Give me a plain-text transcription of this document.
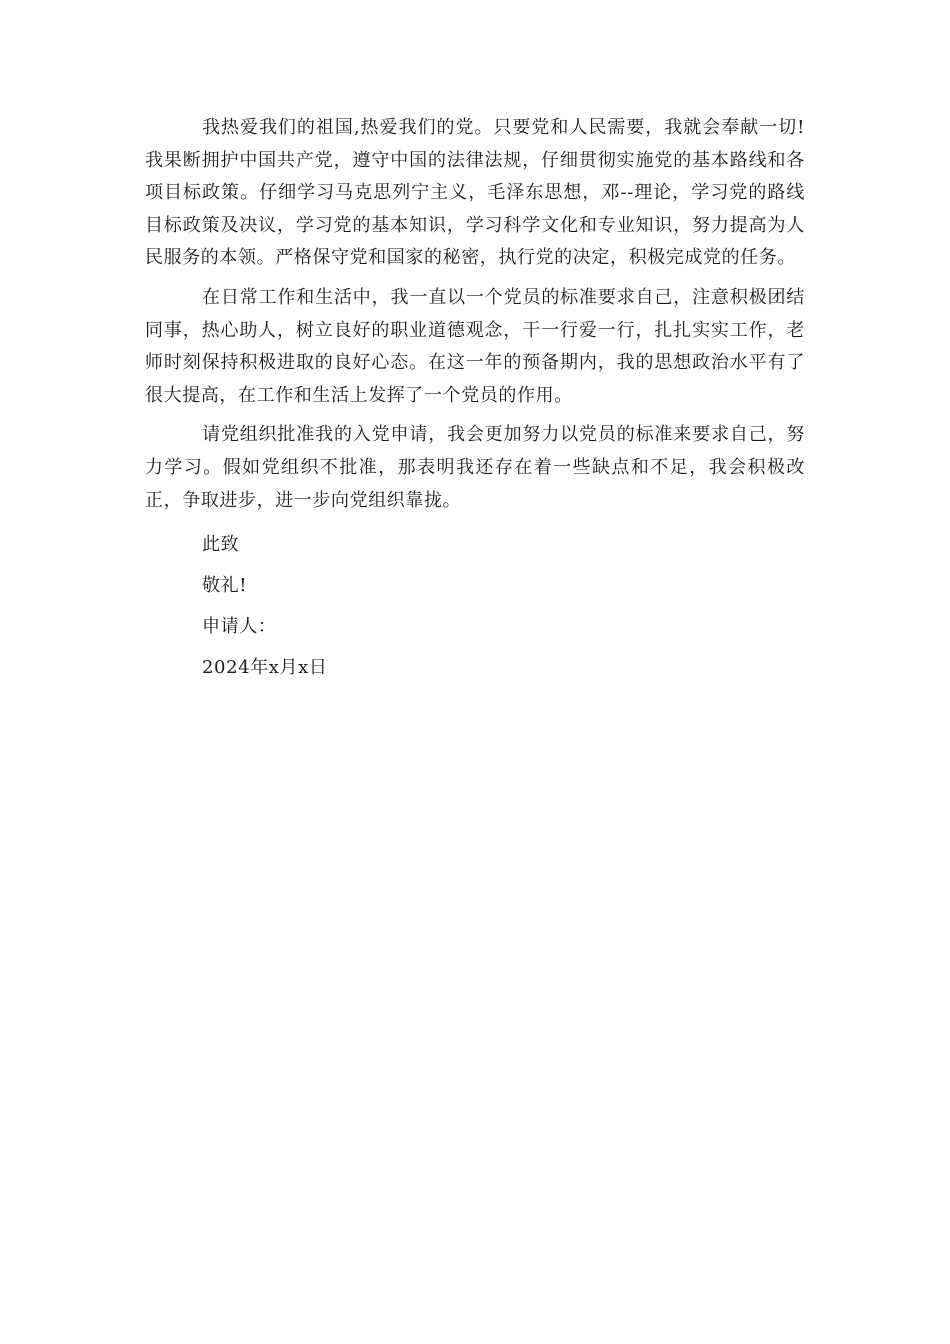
我热爱我们的祖国,热爱我们的党。只要党和人民需要，我就会奉献一切!我果断拥护中国共产党，遵守中国的法律法规，仔细贯彻实施党的基本路线和各项目标政策。仔细学习马克思列宁主义，毛泽东思想，邓--理论，学习党的路线目标政策及决议，学习党的基本知识，学习科学文化和专业知识，努力提高为人民服务的本领。严格保守党和国家的秘密，执行党的决定，积极完成党的任务。

在日常工作和生活中，我一直以一个党员的标准要求自己，注意积极团结同事，热心助人，树立良好的职业道德观念，干一行爱一行，扎扎实实工作，老师时刻保持积极进取的良好心态。在这一年的预备期内，我的思想政治水平有了很大提高，在工作和生活上发挥了一个党员的作用。

请党组织批准我的入党申请，我会更加努力以党员的标准来要求自己，努力学习。假如党组织不批准，那表明我还存在着一些缺点和不足，我会积极改正，争取进步，进一步向党组织靠拢。

此致

敬礼!

申请人：

2024年x月x日
